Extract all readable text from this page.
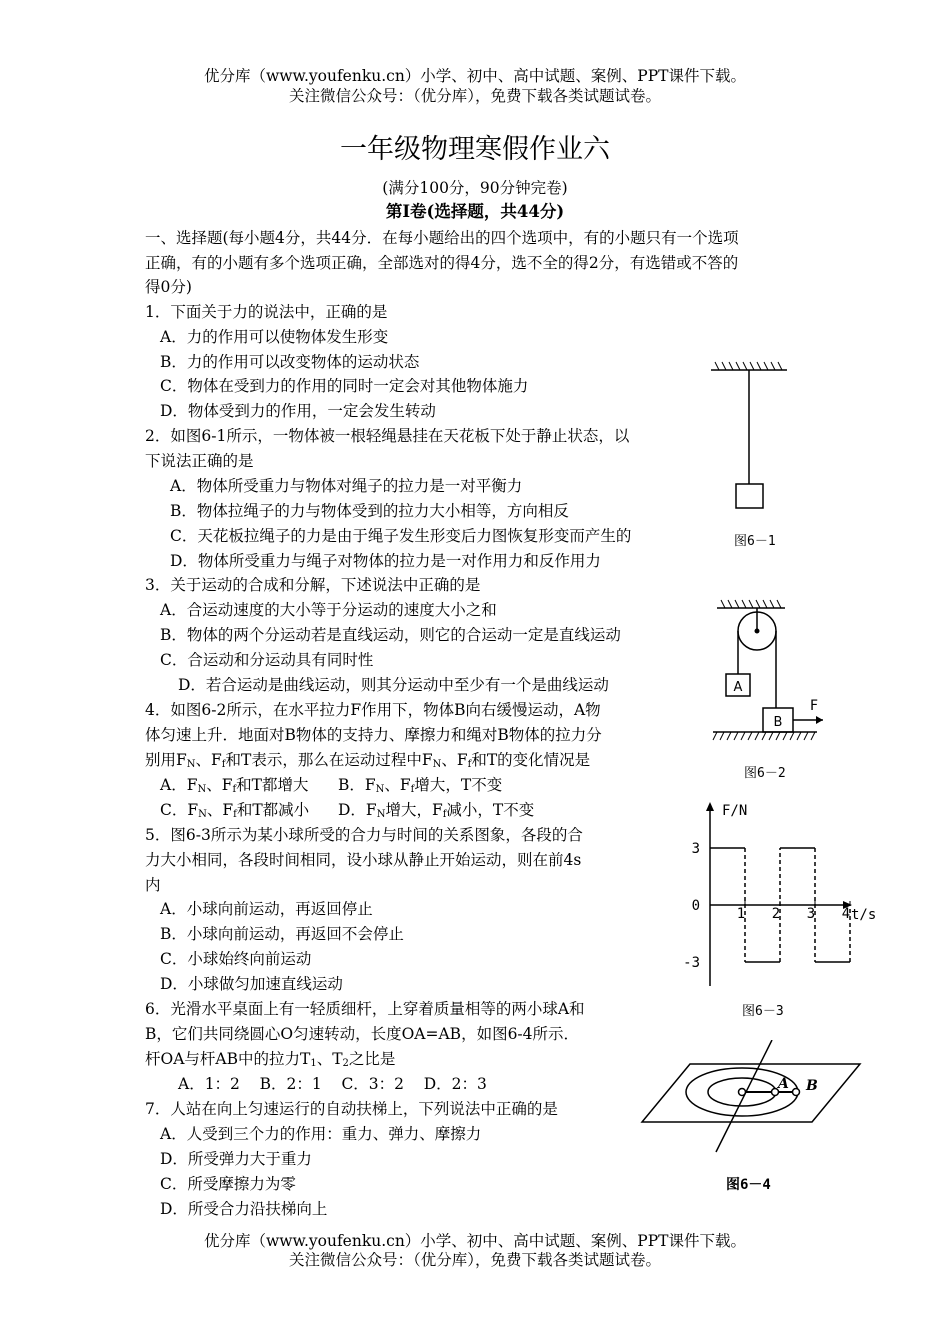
优分库（www.youfenku.cn）小学、初中、高中试题、案例、PPT课件下载。
关注微信公众号：（优分库），免费下载各类试题试卷。
一年级物理寒假作业六
(满分100分，90分钟完卷)
第Ⅰ卷(选择题，共44分)
一、选择题(每小题4分，共44分．在每小题给出的四个选项中，有的小题只有一个选项
正确，有的小题有多个选项正确，全部选对的得4分，选不全的得2分，有选错或不答的
得0分)
1．下面关于力的说法中，正确的是
A．力的作用可以使物体发生形变
B．力的作用可以改变物体的运动状态
C．物体在受到力的作用的同时一定会对其他物体施力
D．物体受到力的作用，一定会发生转动
2．如图6-1所示，一物体被一根轻绳悬挂在天花板下处于静止状态，以
下说法正确的是
A．物体所受重力与物体对绳子的拉力是一对平衡力
B．物体拉绳子的力与物体受到的拉力大小相等，方向相反
C．天花板拉绳子的力是由于绳子发生形变后力图恢复形变而产生的
D．物体所受重力与绳子对物体的拉力是一对作用力和反作用力
3．关于运动的合成和分解，下述说法中正确的是
A．合运动速度的大小等于分运动的速度大小之和
B．物体的两个分运动若是直线运动，则它的合运动一定是直线运动
C．合运动和分运动具有同时性
D．若合运动是曲线运动，则其分运动中至少有一个是曲线运动
4．如图6-2所示，在水平拉力F作用下，物体B向右缓慢运动，A物
体匀速上升．地面对B物体的支持力、摩擦力和绳对B物体的拉力分
别用$F_N$、$F_f$和T表示，那么在运动过程中$F_N$、$F_f$和T的变化情况是
A．$F_N$、$F_f$和T都增大 B．$F_N$、$F_f$增大，T不变
C．$F_N$、$F_f$和T都减小 D．$F_N$增大，$F_f$减小，T不变
5．图6-3所示为某小球所受的合力与时间的关系图象，各段的合
力大小相同，各段时间相同，设小球从静止开始运动，则在前4s
内
A．小球向前运动，再返回停止
B．小球向前运动，再返回不会停止
C．小球始终向前运动
D．小球做匀加速直线运动
6．光滑水平桌面上有一轻质细杆，上穿着质量相等的两小球A和
B，它们共同绕圆心O匀速转动，长度OA=AB，如图6-4所示．
杆OA与杆AB中的拉力$T_1$、$T_2$之比是
A．1：2    B．2：1    C．3：2    D．2：3
7．人站在向上匀速运行的自动扶梯上，下列说法中正确的是
A．人受到三个力的作用：重力、弹力、摩擦力
D．所受弹力大于重力
C．所受摩擦力为零
D．所受合力沿扶梯向上
优分库（www.youfenku.cn）小学、初中、高中试题、案例、PPT课件下载。
关注微信公众号：（优分库），免费下载各类试题试卷。
图6－1
A
B
F
图6－2
F/N
t/s
3
0
-3
1 2 3 4
图6－3
A B
图6－4
